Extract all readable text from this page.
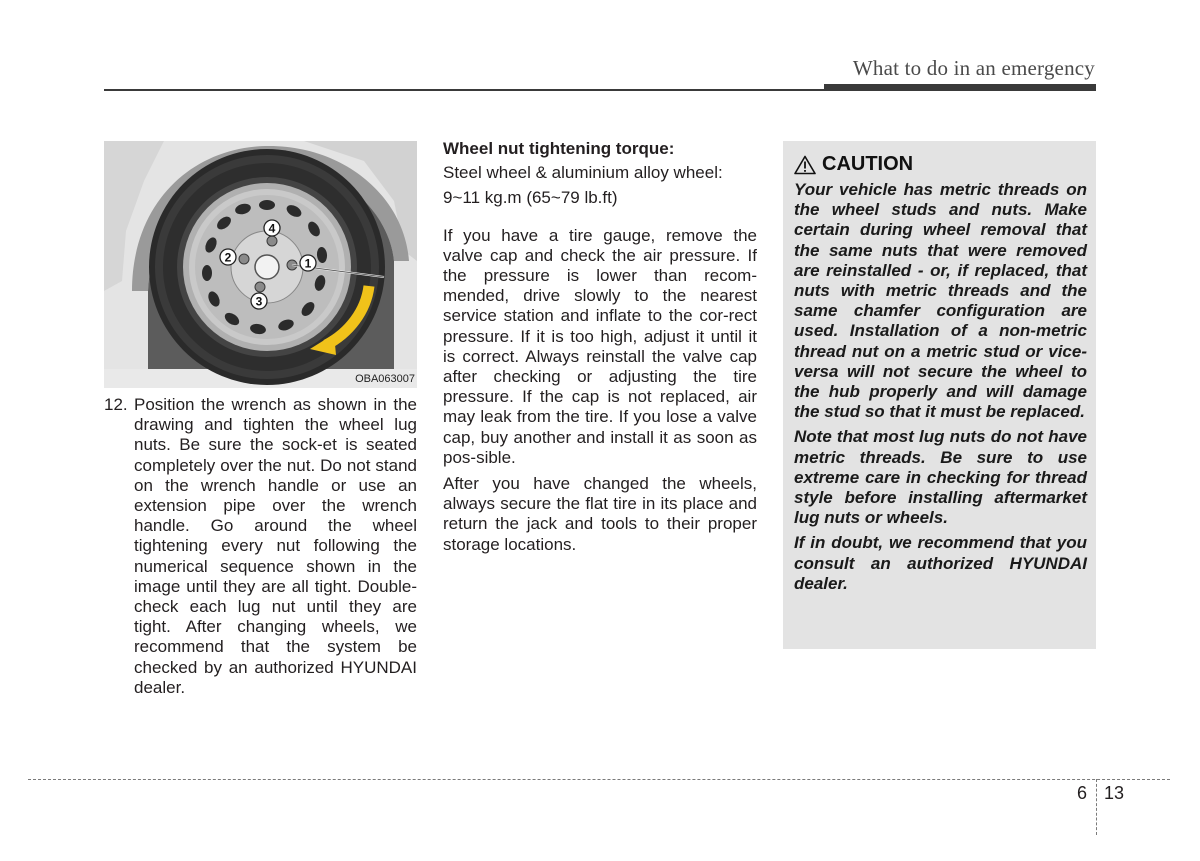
What to do in an emergency
1
2
3
4
OBA063007
12. Position the wrench as shown in the drawing and tighten the wheel lug nuts. Be sure the sock-et is seated completely over the nut. Do not stand on the wrench handle or use an extension pipe over the wrench handle. Go around the wheel tightening every nut following the numerical sequence shown in the image until they are all tight. Double-check each lug nut until they are tight. After changing wheels, we recommend that the system be checked by an authorized HYUNDAI dealer.
Wheel nut tightening torque:

Steel wheel & aluminium alloy wheel:

9~11 kg.m (65~79 lb.ft)

If you have a tire gauge, remove the valve cap and check the air pressure. If the pressure is lower than recom-mended, drive slowly to the nearest service station and inflate to the cor-rect pressure. If it is too high, adjust it until it is correct. Always reinstall the valve cap after checking or adjusting the tire pressure. If the cap is not replaced, air may leak from the tire. If you lose a valve cap, buy another and install it as soon as pos-sible.

After you have changed the wheels, always secure the flat tire in its place and return the jack and tools to their proper storage locations.

CAUTION

Your vehicle has metric threads on the wheel studs and nuts. Make certain during wheel removal that the same nuts that were removed are reinstalled - or, if replaced, that nuts with metric threads and the same chamfer configuration are used. Installation of a non-metric thread nut on a metric stud or vice-versa will not secure the wheel to the hub properly and will damage the stud so that it must be replaced.

Note that most lug nuts do not have metric threads. Be sure to use extreme care in checking for thread style before installing aftermarket lug nuts or wheels.

If in doubt, we recommend that you consult an authorized HYUNDAI dealer.

6 13
